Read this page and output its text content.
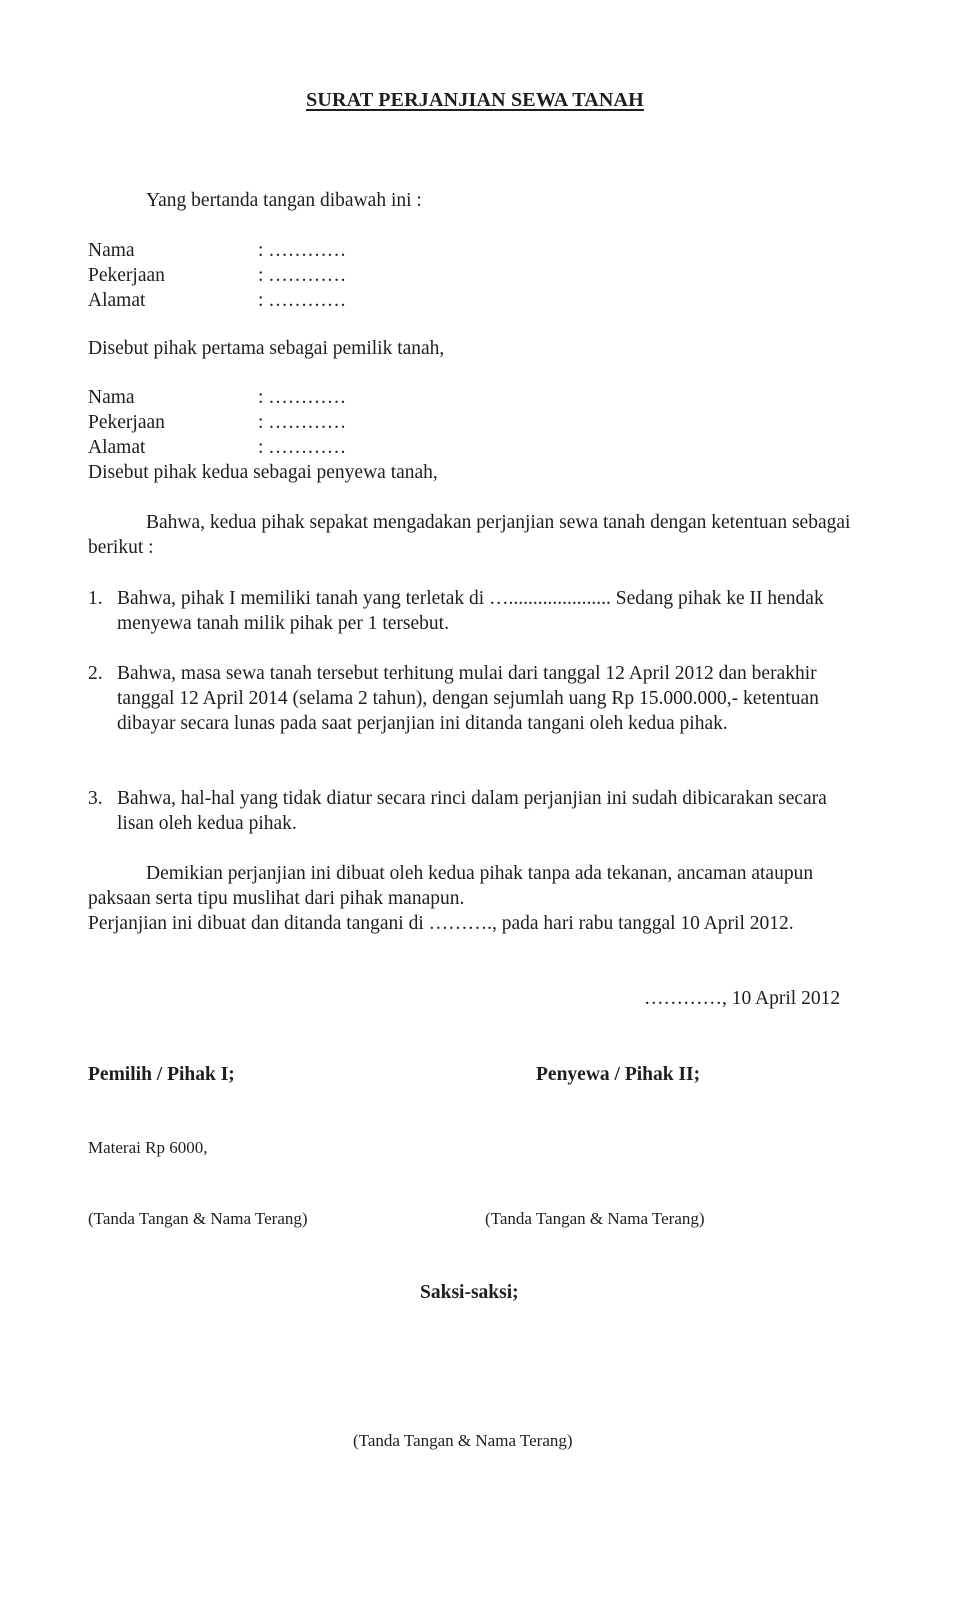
SURAT PERJANJIAN SEWA TANAH
Yang bertanda tangan dibawah ini :
Nama	: …………
Pekerjaan	: …………
Alamat	: …………
Disebut pihak pertama sebagai pemilik tanah,
Nama	: …………
Pekerjaan	: …………
Alamat	: …………
Disebut pihak kedua sebagai penyewa tanah,
Bahwa, kedua pihak sepakat mengadakan perjanjian sewa tanah dengan ketentuan sebagai berikut :
1. Bahwa, pihak I memiliki tanah yang terletak di …..................... Sedang pihak ke II hendak menyewa tanah milik pihak per 1 tersebut.
2. Bahwa, masa sewa tanah tersebut terhitung mulai dari tanggal 12 April 2012 dan berakhir tanggal 12 April 2014 (selama 2 tahun), dengan sejumlah uang Rp 15.000.000,- ketentuan dibayar secara lunas pada saat perjanjian ini ditanda tangani oleh kedua pihak.
3. Bahwa, hal-hal yang tidak diatur secara rinci dalam perjanjian ini sudah dibicarakan secara lisan oleh kedua pihak.
Demikian perjanjian ini dibuat oleh kedua pihak tanpa ada tekanan, ancaman ataupun paksaan serta tipu muslihat dari pihak manapun.
Perjanjian ini dibuat dan ditanda tangani di ………., pada hari rabu tanggal 10 April 2012.
…………, 10 April 2012
Pemilih / Pihak I;	Penyewa / Pihak II;
Materai Rp 6000,
(Tanda Tangan & Nama Terang)	(Tanda Tangan & Nama Terang)
Saksi-saksi;
(Tanda Tangan & Nama Terang)
